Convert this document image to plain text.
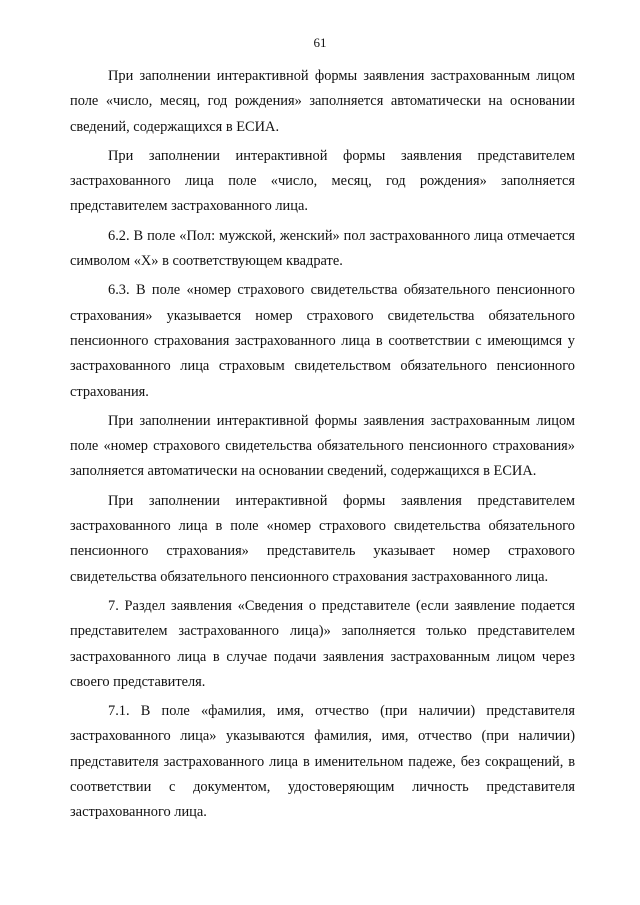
61

При заполнении интерактивной формы заявления застрахованным лицом поле «число, месяц, год рождения» заполняется автоматически на основании сведений, содержащихся в ЕСИА.

При заполнении интерактивной формы заявления представителем застрахованного лица поле «число, месяц, год рождения» заполняется представителем застрахованного лица.

6.2. В поле «Пол: мужской, женский» пол застрахованного лица отмечается символом «X» в соответствующем квадрате.

6.3. В поле «номер страхового свидетельства обязательного пенсионного страхования» указывается номер страхового свидетельства обязательного пенсионного страхования застрахованного лица в соответствии с имеющимся у застрахованного лица страховым свидетельством обязательного пенсионного страхования.

При заполнении интерактивной формы заявления застрахованным лицом поле «номер страхового свидетельства обязательного пенсионного страхования» заполняется автоматически на основании сведений, содержащихся в ЕСИА.

При заполнении интерактивной формы заявления представителем застрахованного лица в поле «номер страхового свидетельства обязательного пенсионного страхования» представитель указывает номер страхового свидетельства обязательного пенсионного страхования застрахованного лица.

7. Раздел заявления «Сведения о представителе (если заявление подается представителем застрахованного лица)» заполняется только представителем застрахованного лица в случае подачи заявления застрахованным лицом через своего представителя.

7.1. В поле «фамилия, имя, отчество (при наличии) представителя застрахованного лица» указываются фамилия, имя, отчество (при наличии) представителя застрахованного лица в именительном падеже, без сокращений, в соответствии с документом, удостоверяющим личность представителя застрахованного лица.
